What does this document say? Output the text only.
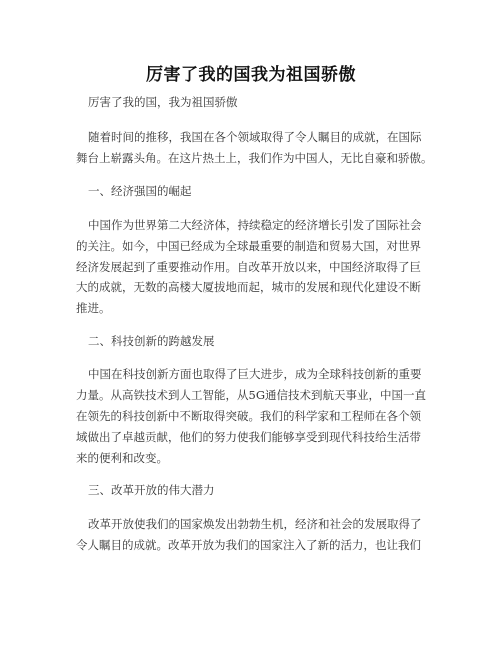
厉害了我的国我为祖国骄傲
厉害了我的国，我为祖国骄傲
随着时间的推移，我国在各个领域取得了令人瞩目的成就，在国际
舞台上崭露头角。在这片热土上，我们作为中国人，无比自豪和骄傲。
一、经济强国的崛起
中国作为世界第二大经济体，持续稳定的经济增长引发了国际社会
的关注。如今，中国已经成为全球最重要的制造和贸易大国，对世界
经济发展起到了重要推动作用。自改革开放以来，中国经济取得了巨
大的成就，无数的高楼大厦拔地而起，城市的发展和现代化建设不断
推进。
二、科技创新的跨越发展
中国在科技创新方面也取得了巨大进步，成为全球科技创新的重要
力量。从高铁技术到人工智能，从5G通信技术到航天事业，中国一直
在领先的科技创新中不断取得突破。我们的科学家和工程师在各个领
域做出了卓越贡献，他们的努力使我们能够享受到现代科技给生活带
来的便利和改变。
三、改革开放的伟大潜力
改革开放使我们的国家焕发出勃勃生机，经济和社会的发展取得了
令人瞩目的成就。改革开放为我们的国家注入了新的活力，也让我们
